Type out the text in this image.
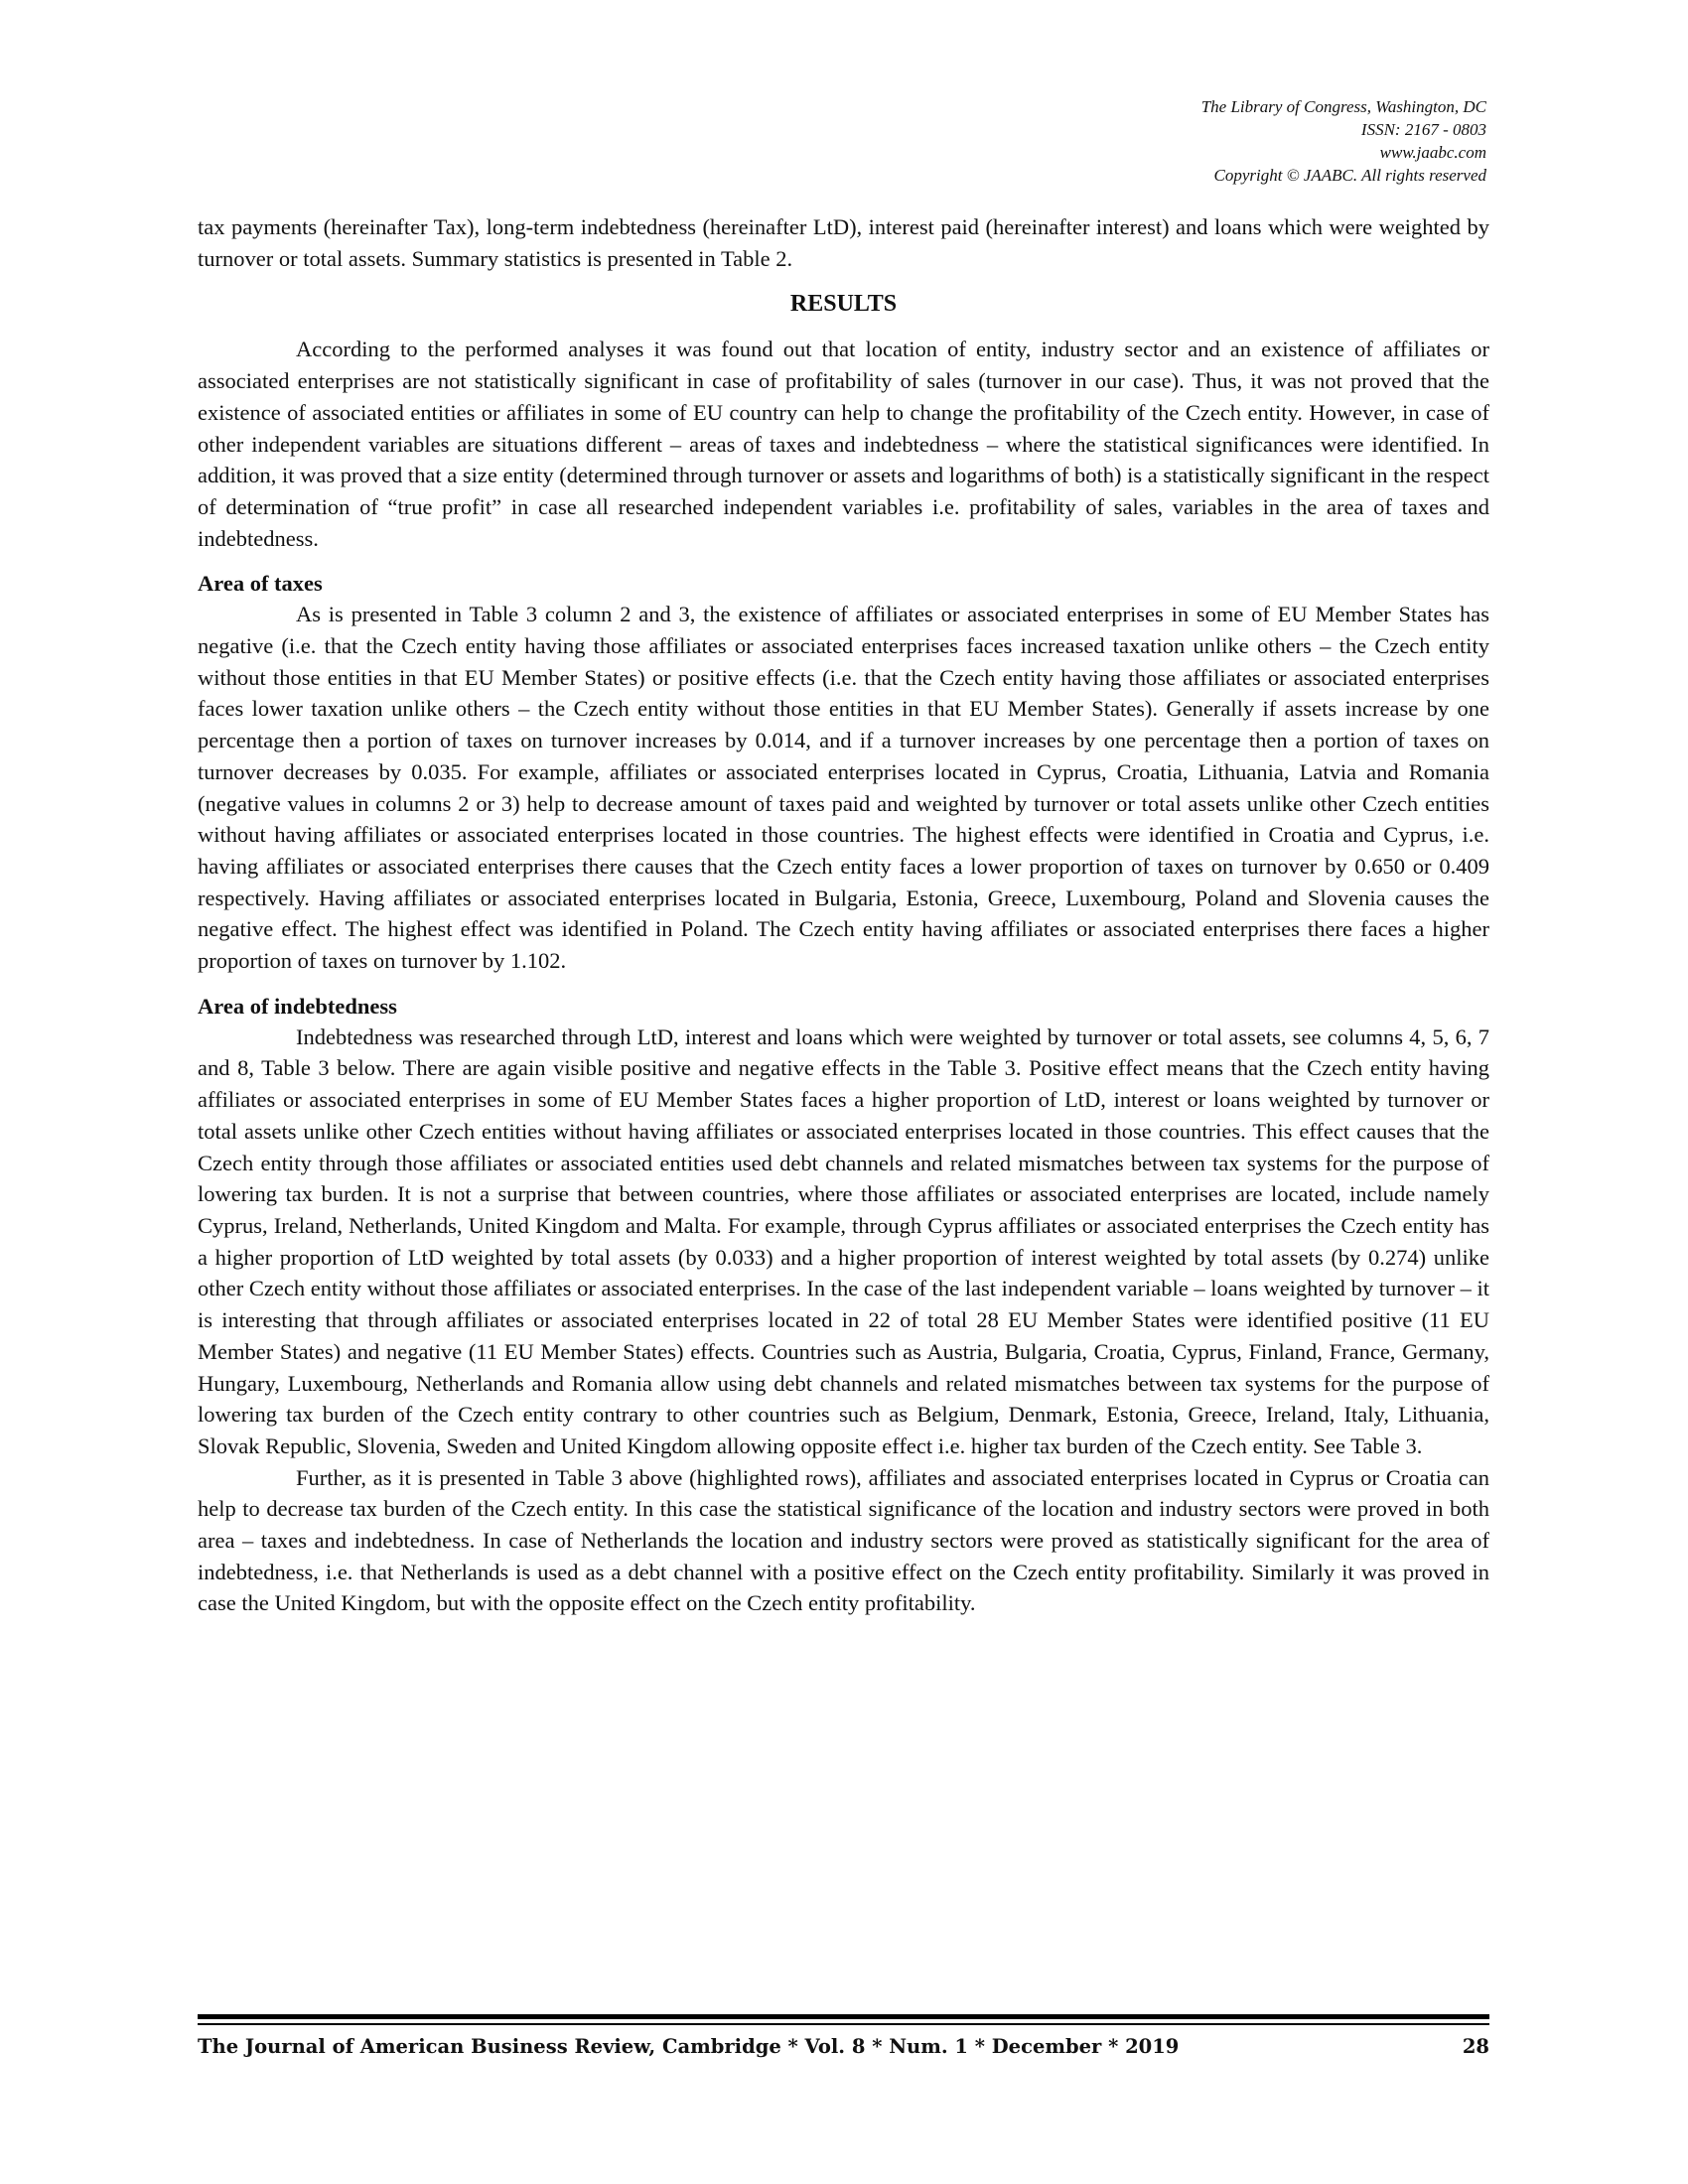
The Library of Congress, Washington, DC
ISSN: 2167 - 0803
www.jaabc.com
Copyright © JAABC. All rights reserved

tax payments (hereinafter Tax), long-term indebtedness (hereinafter LtD), interest paid (hereinafter interest) and loans which were weighted by turnover or total assets. Summary statistics is presented in Table 2.

RESULTS

According to the performed analyses it was found out that location of entity, industry sector and an existence of affiliates or associated enterprises are not statistically significant in case of profitability of sales (turnover in our case). Thus, it was not proved that the existence of associated entities or affiliates in some of EU country can help to change the profitability of the Czech entity. However, in case of other independent variables are situations different – areas of taxes and indebtedness – where the statistical significances were identified. In addition, it was proved that a size entity (determined through turnover or assets and logarithms of both) is a statistically significant in the respect of determination of “true profit” in case all researched independent variables i.e. profitability of sales, variables in the area of taxes and indebtedness.

Area of taxes

As is presented in Table 3 column 2 and 3, the existence of affiliates or associated enterprises in some of EU Member States has negative (i.e. that the Czech entity having those affiliates or associated enterprises faces increased taxation unlike others – the Czech entity without those entities in that EU Member States) or positive effects (i.e. that the Czech entity having those affiliates or associated enterprises faces lower taxation unlike others – the Czech entity without those entities in that EU Member States). Generally if assets increase by one percentage then a portion of taxes on turnover increases by 0.014, and if a turnover increases by one percentage then a portion of taxes on turnover decreases by 0.035. For example, affiliates or associated enterprises located in Cyprus, Croatia, Lithuania, Latvia and Romania (negative values in columns 2 or 3) help to decrease amount of taxes paid and weighted by turnover or total assets unlike other Czech entities without having affiliates or associated enterprises located in those countries. The highest effects were identified in Croatia and Cyprus, i.e. having affiliates or associated enterprises there causes that the Czech entity faces a lower proportion of taxes on turnover by 0.650 or 0.409 respectively. Having affiliates or associated enterprises located in Bulgaria, Estonia, Greece, Luxembourg, Poland and Slovenia causes the negative effect. The highest effect was identified in Poland. The Czech entity having affiliates or associated enterprises there faces a higher proportion of taxes on turnover by 1.102.

Area of indebtedness

Indebtedness was researched through LtD, interest and loans which were weighted by turnover or total assets, see columns 4, 5, 6, 7 and 8, Table 3 below. There are again visible positive and negative effects in the Table 3. Positive effect means that the Czech entity having affiliates or associated enterprises in some of EU Member States faces a higher proportion of LtD, interest or loans weighted by turnover or total assets unlike other Czech entities without having affiliates or associated enterprises located in those countries. This effect causes that the Czech entity through those affiliates or associated entities used debt channels and related mismatches between tax systems for the purpose of lowering tax burden. It is not a surprise that between countries, where those affiliates or associated enterprises are located, include namely Cyprus, Ireland, Netherlands, United Kingdom and Malta. For example, through Cyprus affiliates or associated enterprises the Czech entity has a higher proportion of LtD weighted by total assets (by 0.033) and a higher proportion of interest weighted by total assets (by 0.274) unlike other Czech entity without those affiliates or associated enterprises. In the case of the last independent variable – loans weighted by turnover – it is interesting that through affiliates or associated enterprises located in 22 of total 28 EU Member States were identified positive (11 EU Member States) and negative (11 EU Member States) effects. Countries such as Austria, Bulgaria, Croatia, Cyprus, Finland, France, Germany, Hungary, Luxembourg, Netherlands and Romania allow using debt channels and related mismatches between tax systems for the purpose of lowering tax burden of the Czech entity contrary to other countries such as Belgium, Denmark, Estonia, Greece, Ireland, Italy, Lithuania, Slovak Republic, Slovenia, Sweden and United Kingdom allowing opposite effect i.e. higher tax burden of the Czech entity. See Table 3.

Further, as it is presented in Table 3 above (highlighted rows), affiliates and associated enterprises located in Cyprus or Croatia can help to decrease tax burden of the Czech entity. In this case the statistical significance of the location and industry sectors were proved in both area – taxes and indebtedness. In case of Netherlands the location and industry sectors were proved as statistically significant for the area of indebtedness, i.e. that Netherlands is used as a debt channel with a positive effect on the Czech entity profitability. Similarly it was proved in case the United Kingdom, but with the opposite effect on the Czech entity profitability.

The Journal of American Business Review, Cambridge * Vol. 8 * Num. 1 * December * 2019	28
